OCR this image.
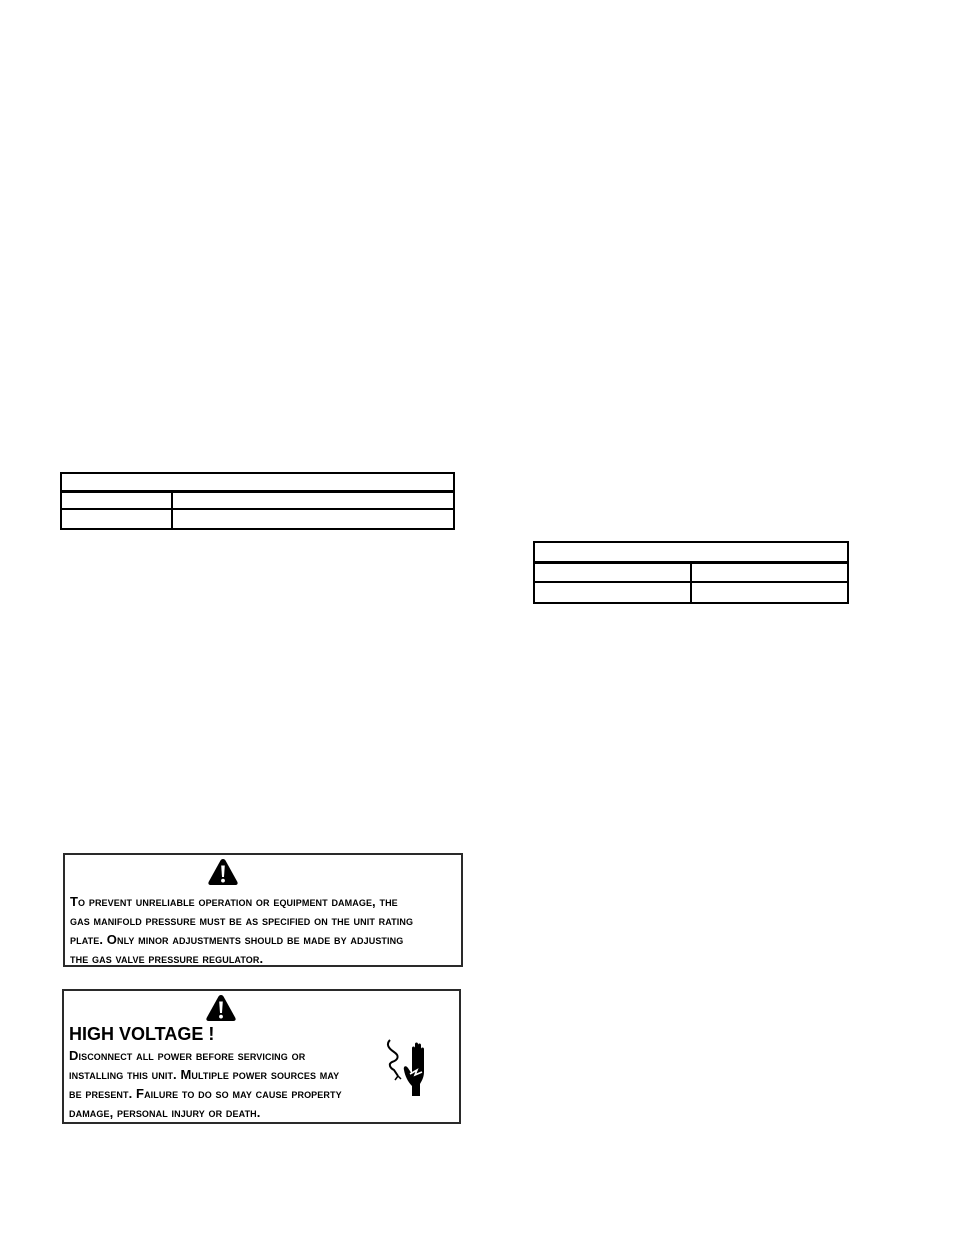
To prevent unreliable operation or equipment damage, the
gas manifold pressure must be as specified on the unit rating
plate. Only minor adjustments should be made by adjusting
the gas valve pressure regulator.
HIGH VOLTAGE !
Disconnect all power before servicing or
installing this unit. Multiple power sources may
be present. Failure to do so may cause property
damage, personal injury or death.
